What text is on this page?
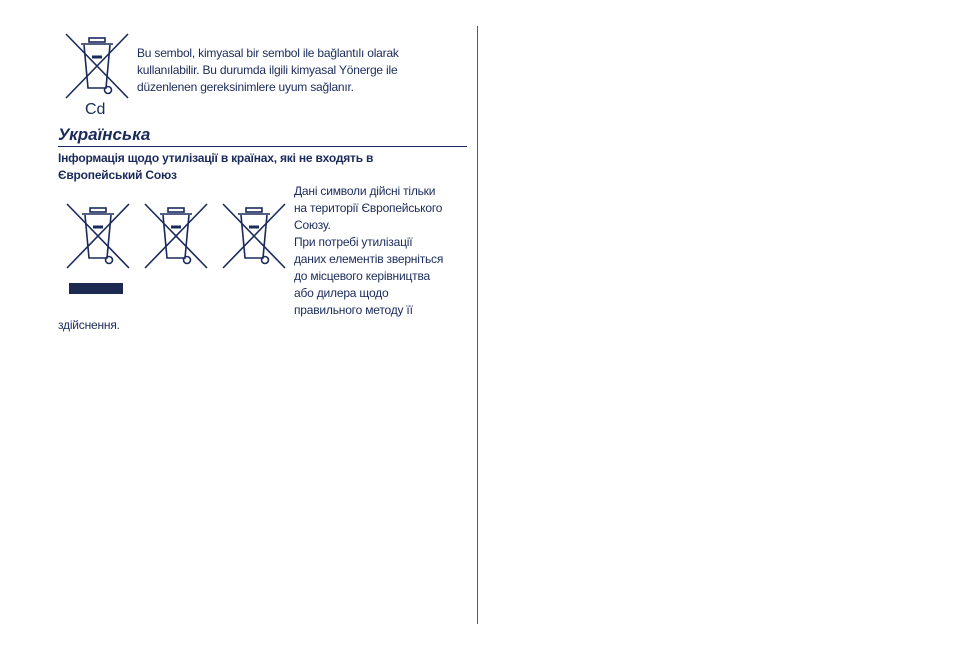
Cd
Bu sembol, kimyasal bir sembol ile bağlantılı olarak
kullanılabilir. Bu durumda ilgili kimyasal Yönerge ile
düzenlenen gereksinimlere uyum sağlanır.
Українська
Інформація щодо утилізації в країнах, які не входять в
Європейський Союз
Дані символи дійсні тільки
на території Європейського
Союзу.
При потребі утилізації
даних елементів зверніться
до місцевого керівництва
або дилера щодо
правильного методу її
здійснення.
